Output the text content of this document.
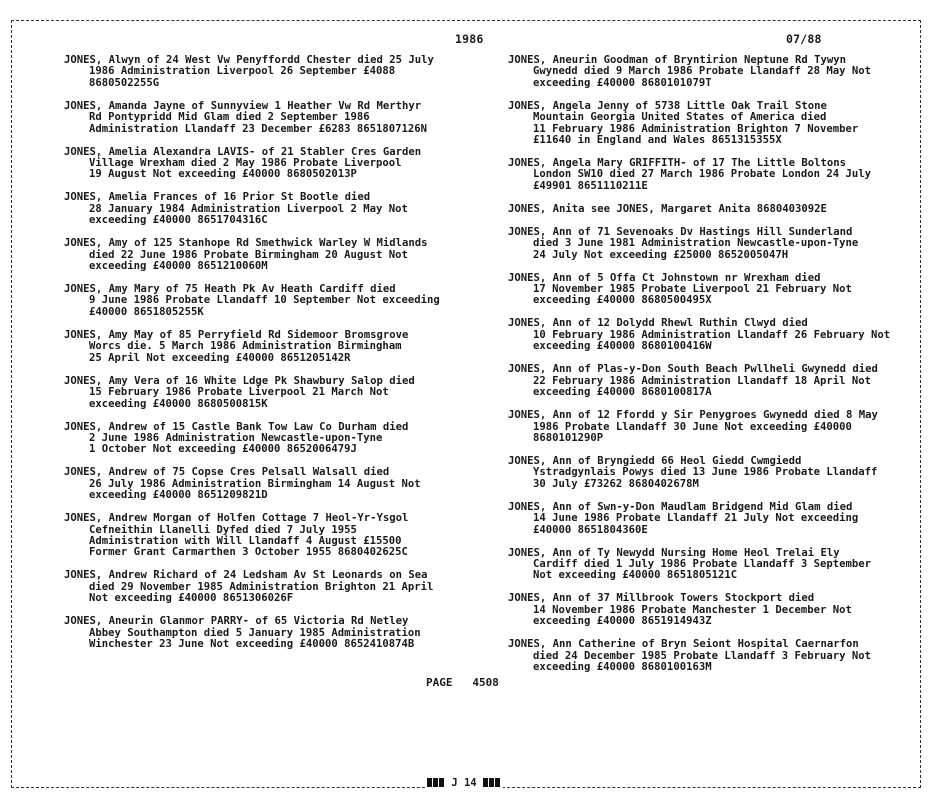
1986	07/88
JONES, Alwyn of 24 West Vw Penyffordd Chester died 25 July
1986 Administration Liverpool 26 September £4088
8680502255G
JONES, Amanda Jayne of Sunnyview 1 Heather Vw Rd Merthyr
Rd Pontypridd Mid Glam died 2 September 1986
Administration Llandaff 23 December £6283 8651807126N
JONES, Amelia Alexandra LAVIS- of 21 Stabler Cres Garden
Village Wrexham died 2 May 1986 Probate Liverpool
19 August Not exceeding £40000 8680502013P
JONES, Amelia Frances of 16 Prior St Bootle died
28 January 1984 Administration Liverpool 2 May Not
exceeding £40000 8651704316C
JONES, Amy of 125 Stanhope Rd Smethwick Warley W Midlands
died 22 June 1986 Probate Birmingham 20 August Not
exceeding £40000 8651210060M
JONES, Amy Mary of 75 Heath Pk Av Heath Cardiff died
9 June 1986 Probate Llandaff 10 September Not exceeding
£40000 8651805255K
JONES, Amy May of 85 Perryfield Rd Sidemoor Bromsgrove
Worcs die. 5 March 1986 Administration Birmingham
25 April Not exceeding £40000 8651205142R
JONES, Amy Vera of 16 White Ldge Pk Shawbury Salop died
15 February 1986 Probate Liverpool 21 March Not
exceeding £40000 8680500815K
JONES, Andrew of 15 Castle Bank Tow Law Co Durham died
2 June 1986 Administration Newcastle-upon-Tyne
1 October Not exceeding £40000 8652006479J
JONES, Andrew of 75 Copse Cres Pelsall Walsall died
26 July 1986 Administration Birmingham 14 August Not
exceeding £40000 8651209821D
JONES, Andrew Morgan of Holfen Cottage 7 Heol-Yr-Ysgol
Cefneithin Llanelli Dyfed died 7 July 1955
Administration with Will Llandaff 4 August £15500
Former Grant Carmarthen 3 October 1955 8680402625C
JONES, Andrew Richard of 24 Ledsham Av St Leonards on Sea
died 29 November 1985 Administration Brighton 21 April
Not exceeding £40000 8651306026F
JONES, Aneurin Glanmor PARRY- of 65 Victoria Rd Netley
Abbey Southampton died 5 January 1985 Administration
Winchester 23 June Not exceeding £40000 8652410874B
JONES, Aneurin Goodman of Bryntirion Neptune Rd Tywyn
Gwynedd died 9 March 1986 Probate Llandaff 28 May Not
exceeding £40000 8680101079T
JONES, Angela Jenny of 5738 Little Oak Trail Stone
Mountain Georgia United States of America died
11 February 1986 Administration Brighton 7 November
£11640 in England and Wales 8651315355X
JONES, Angela Mary GRIFFITH- of 17 The Little Boltons
London SW10 died 27 March 1986 Probate London 24 July
£49901 8651110211E
JONES, Anita see JONES, Margaret Anita 8680403092E
JONES, Ann of 71 Sevenoaks Dv Hastings Hill Sunderland
died 3 June 1981 Administration Newcastle-upon-Tyne
24 July Not exceeding £25000 8652005047H
JONES, Ann of 5 Offa Ct Johnstown nr Wrexham died
17 November 1985 Probate Liverpool 21 February Not
exceeding £40000 8680500495X
JONES, Ann of 12 Dolydd Rhewl Ruthin Clwyd died
10 February 1986 Administration Llandaff 26 February Not
exceeding £40000 8680100416W
JONES, Ann of Plas-y-Don South Beach Pwllheli Gwynedd died
22 February 1986 Administration Llandaff 18 April Not
exceeding £40000 8680100817A
JONES, Ann of 12 Ffordd y Sir Penygroes Gwynedd died 8 May
1986 Probate Llandaff 30 June Not exceeding £40000
8680101290P
JONES, Ann of Bryngiedd 66 Heol Giedd Cwmgiedd
Ystradgynlais Powys died 13 June 1986 Probate Llandaff
30 July £73262 8680402678M
JONES, Ann of Swn-y-Don Maudlam Bridgend Mid Glam died
14 June 1986 Probate Llandaff 21 July Not exceeding
£40000 8651804360E
JONES, Ann of Ty Newydd Nursing Home Heol Trelai Ely
Cardiff died 1 July 1986 Probate Llandaff 3 September
Not exceeding £40000 8651805121C
JONES, Ann of 37 Millbrook Towers Stockport died
14 November 1986 Probate Manchester 1 December Not
exceeding £40000 8651914943Z
JONES, Ann Catherine of Bryn Seiont Hospital Caernarfon
died 24 December 1985 Probate Llandaff 3 February Not
exceeding £40000 8680100163M
PAGE   4508
J 14
